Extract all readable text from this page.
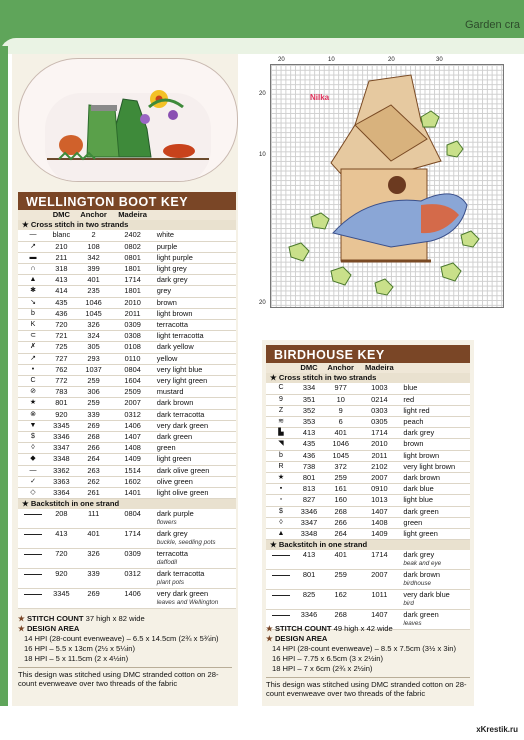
Garden cra
WELLINGTON BOOT KEY
	DMC	Anchor	Madeira	
★ Cross stitch in two strands				
—	blanc	2	2402	white
↗	210	108	0802	purple
▬	211	342	0801	light purple
∩	318	399	1801	light grey
▲	413	401	1714	dark grey
✱	414	235	1801	grey
↘	435	1046	2010	brown
b	436	1045	2011	light brown
K	720	326	0309	terracotta
⊂	721	324	0308	light terracotta
✗	725	305	0108	dark yellow
↗	727	293	0110	yellow
•	762	1037	0804	very light blue
C	772	259	1604	very light green
⊘	783	306	2509	mustard
★	801	259	2007	dark brown
⊗	920	339	0312	dark terracotta
▼	3345	269	1406	very dark green
$	3346	268	1407	dark green
◊	3347	266	1408	green
◆	3348	264	1409	light green
—	3362	263	1514	dark olive green
✓	3363	262	1602	olive green
◇	3364	261	1401	light olive green
★ Backstitch in one strand				

	208	111	0804	dark purple
flowers

	413	401	1714	dark grey
buckle, seedling pots

	720	326	0309	terracotta
daffodil

	920	339	0312	dark terracotta
plant pots

	3345	269	1406	very dark green
leaves and Wellington
★ STITCH COUNT 37 high x 82 wide
★ DESIGN AREA
14 HPI (28-count evenweave) – 6.5 x 14.5cm (2¾ x 5¾in)
16 HPI – 5.5 x 13cm (2½ x 5¼in)
18 HPI – 5 x 11.5cm (2 x 4½in)
This design was stitched using DMC stranded cotton on 28-count evenweave over two threads of the fabric
20	10	20	30
20
10
20
Nilka
BIRDHOUSE KEY
	DMC	Anchor	Madeira	
★ Cross stitch in two strands				
C	334	977	1003	blue
9	351	10	0214	red
Z	352	9	0303	light red
≋	353	6	0305	peach
▙	413	401	1714	dark grey
◥	435	1046	2010	brown
b	436	1045	2011	light brown
R	738	372	2102	very light brown
★	801	259	2007	dark brown
▪	813	161	0910	dark blue
▫	827	160	1013	light blue
$	3346	268	1407	dark green
◊	3347	266	1408	green
▲	3348	264	1409	light green
★ Backstitch in one strand				

	413	401	1714	dark grey
beak and eye

	801	259	2007	dark brown
birdhouse

	825	162	1011	very dark blue
bird

	3346	268	1407	dark green
leaves
★ STITCH COUNT 49 high x 42 wide
★ DESIGN AREA
14 HPI (28-count evenweave) – 8.5 x 7.5cm (3½ x 3in)
16 HPI – 7.75 x 6.5cm (3 x 2½in)
18 HPI – 7 x 6cm (2¾ x 2½in)
This design was stitched using DMC stranded cotton on 28-count evenweave over two threads of the fabric
xKrestik.ru
